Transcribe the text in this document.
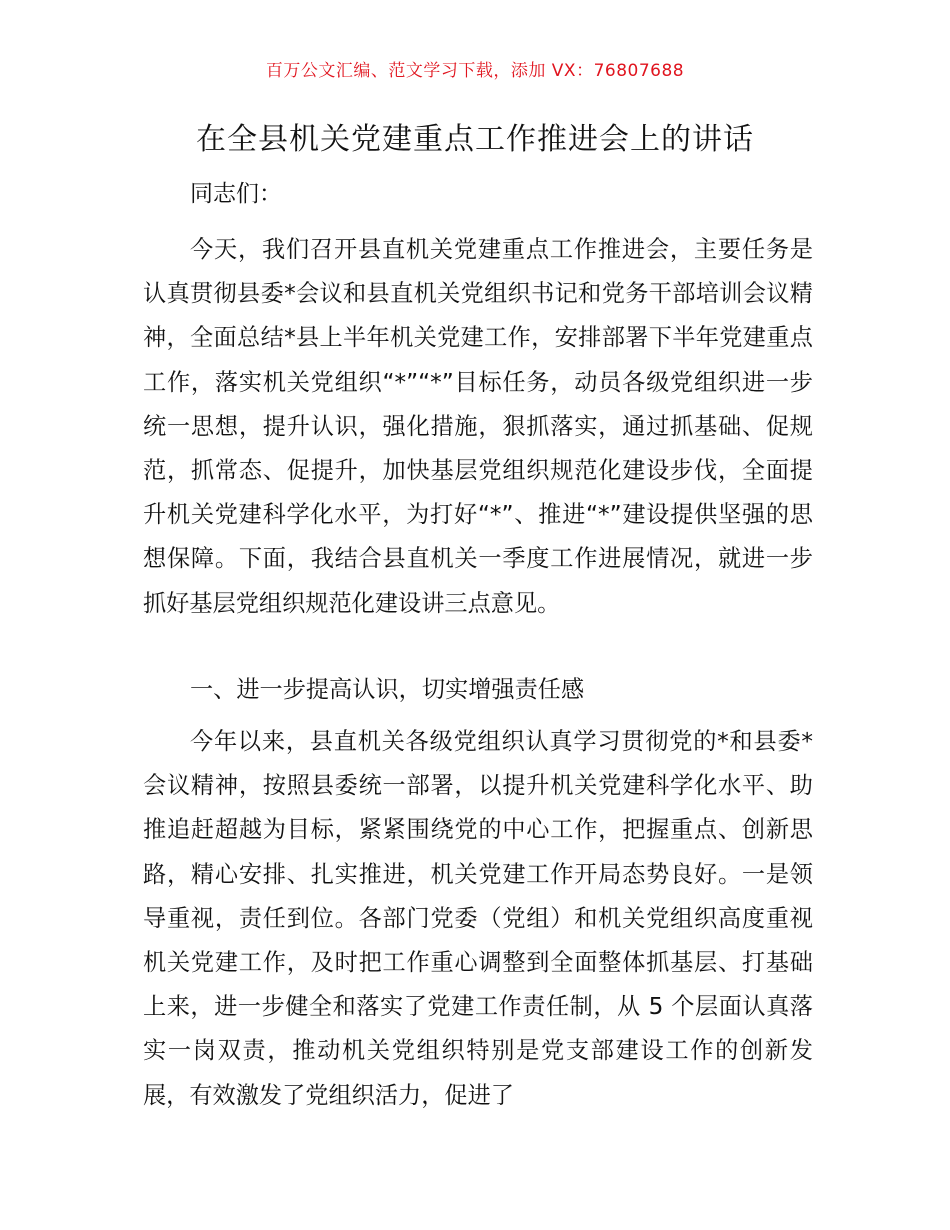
百万公文汇编、范文学习下载，添加 VX：76807688
在全县机关党建重点工作推进会上的讲话
同志们：
今天，我们召开县直机关党建重点工作推进会，主要任务是认真贯彻县委*会议和县直机关党组织书记和党务干部培训会议精神，全面总结*县上半年机关党建工作，安排部署下半年党建重点工作，落实机关党组织“*”“*”目标任务，动员各级党组织进一步统一思想，提升认识，强化措施，狠抓落实，通过抓基础、促规范，抓常态、促提升，加快基层党组织规范化建设步伐，全面提升机关党建科学化水平，为打好“*”、推进“*”建设提供坚强的思想保障。下面，我结合县直机关一季度工作进展情况，就进一步抓好基层党组织规范化建设讲三点意见。
一、进一步提高认识，切实增强责任感
今年以来，县直机关各级党组织认真学习贯彻党的*和县委*会议精神，按照县委统一部署，以提升机关党建科学化水平、助推追赶超越为目标，紧紧围绕党的中心工作，把握重点、创新思路，精心安排、扎实推进，机关党建工作开局态势良好。一是领导重视，责任到位。各部门党委（党组）和机关党组织高度重视机关党建工作，及时把工作重心调整到全面整体抓基层、打基础上来，进一步健全和落实了党建工作责任制，从 5 个层面认真落实一岗双责，推动机关党组织特别是党支部建设工作的创新发展，有效激发了党组织活力，促进了
